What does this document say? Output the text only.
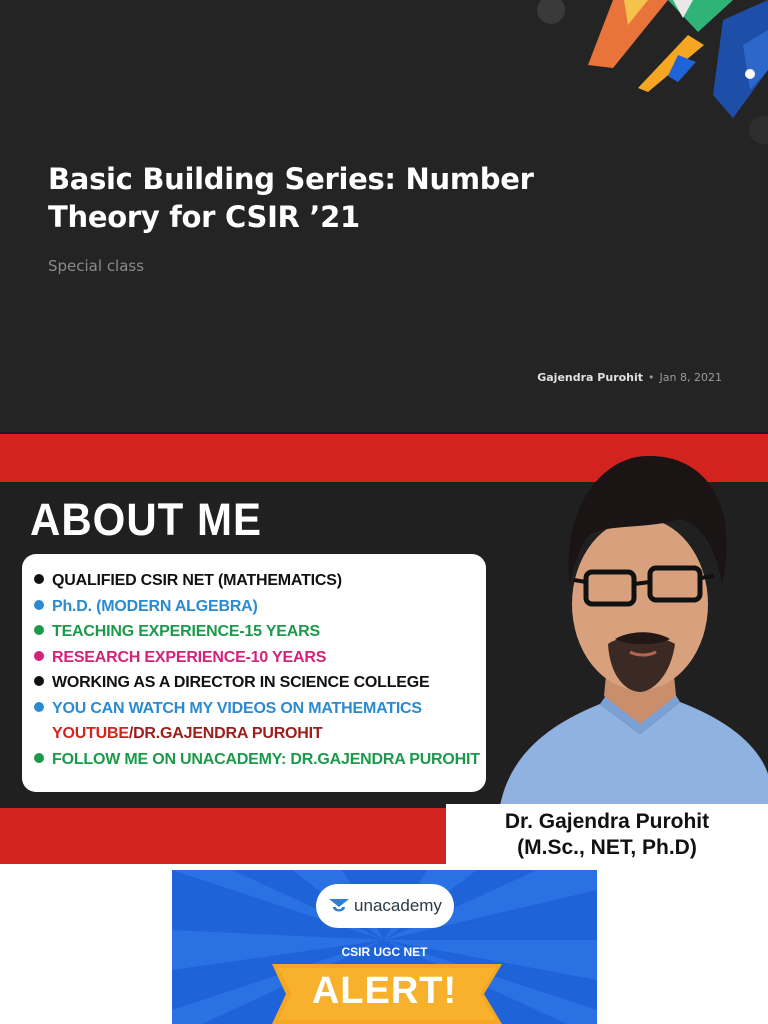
Basic Building Series: Number Theory for CSIR ’21
Special class
Gajendra Purohit • Jan 8, 2021
ABOUT ME
QUALIFIED CSIR NET (MATHEMATICS)
Ph.D. (MODERN ALGEBRA)
TEACHING EXPERIENCE-15 YEARS
RESEARCH EXPERIENCE-10 YEARS
WORKING AS A DIRECTOR IN SCIENCE COLLEGE
YOU CAN WATCH MY VIDEOS ON MATHEMATICS
YOUTUBE/DR.GAJENDRA PUROHIT
FOLLOW ME ON UNACADEMY: DR.GAJENDRA PUROHIT
Dr. Gajendra Purohit
(M.Sc., NET, Ph.D)
unacademy
CSIR UGC NET
ALERT!
